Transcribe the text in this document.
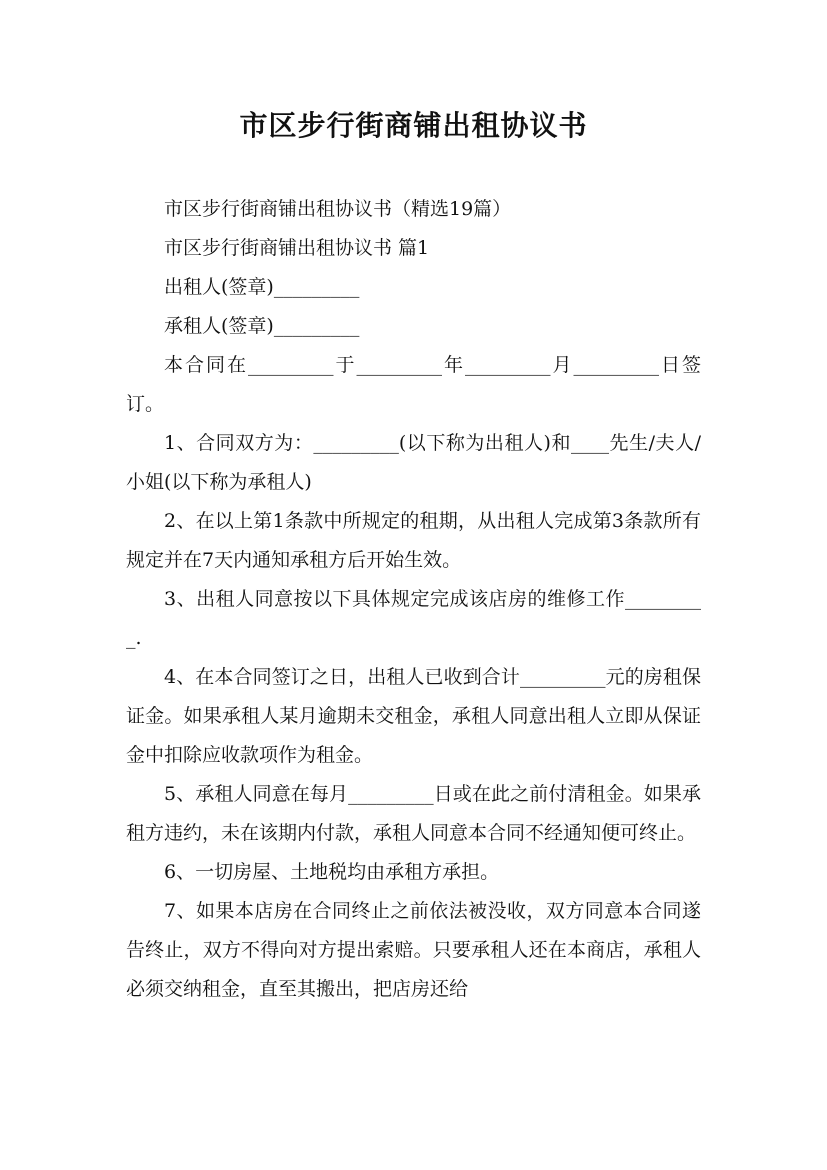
市区步行街商铺出租协议书

市区步行街商铺出租协议书（精选19篇）

市区步行街商铺出租协议书 篇1

出租人(签章)_________

承租人(签章)_________

本合同在_________于_________年_________月_________日签订。

1、合同双方为：_________(以下称为出租人)和____先生/夫人/小姐(以下称为承租人)

2、在以上第1条款中所规定的租期，从出租人完成第3条款所有规定并在7天内通知承租方后开始生效。

3、出租人同意按以下具体规定完成该店房的维修工作_________.

4、在本合同签订之日，出租人已收到合计_________元的房租保证金。如果承租人某月逾期未交租金，承租人同意出租人立即从保证金中扣除应收款项作为租金。

5、承租人同意在每月_________日或在此之前付清租金。如果承租方违约，未在该期内付款，承租人同意本合同不经通知便可终止。

6、一切房屋、土地税均由承租方承担。

7、如果本店房在合同终止之前依法被没收，双方同意本合同遂告终止，双方不得向对方提出索赔。只要承租人还在本商店，承租人必须交纳租金，直至其搬出，把店房还给
